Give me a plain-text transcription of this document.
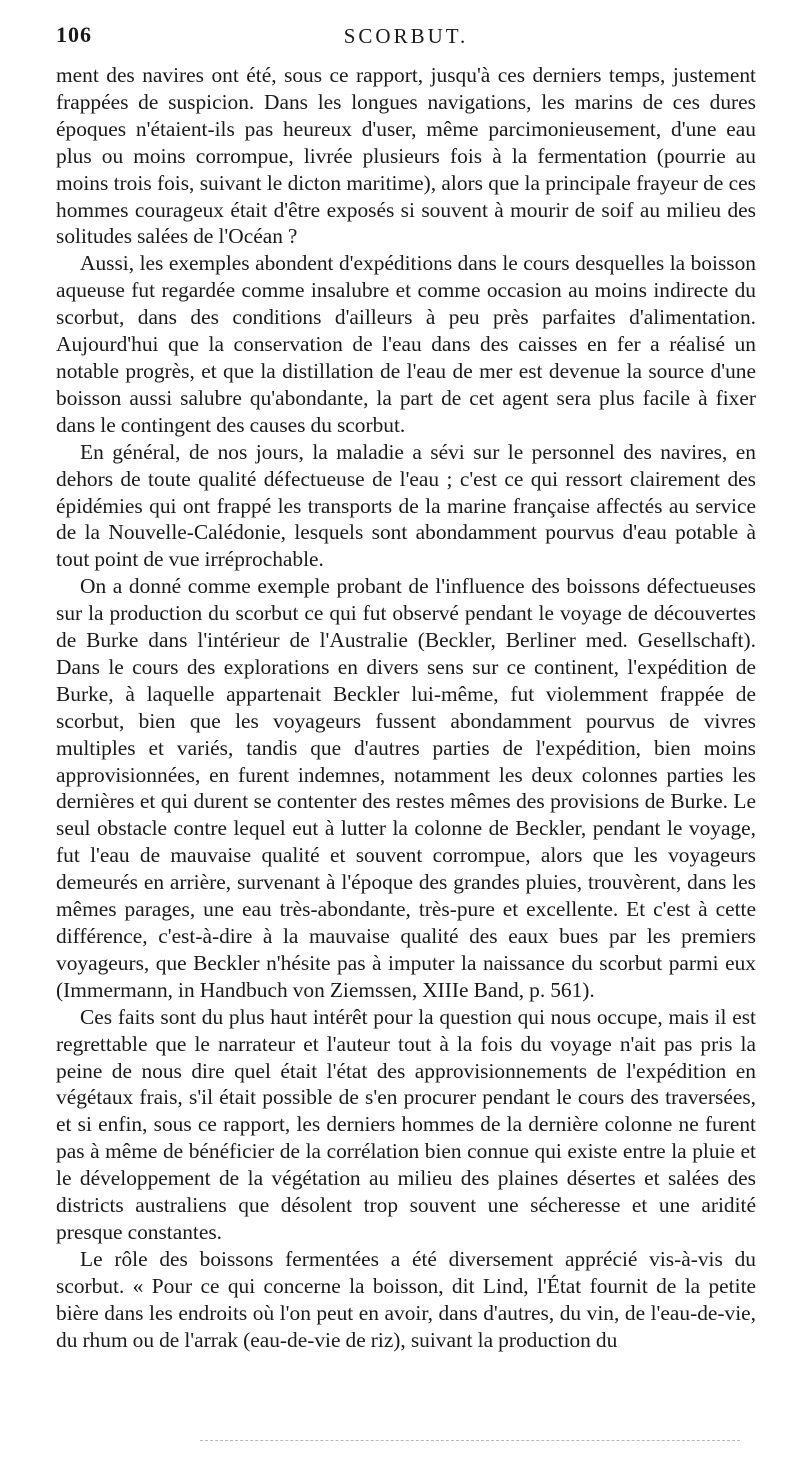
106	SCORBUT.

ment des navires ont été, sous ce rapport, jusqu'à ces derniers temps, justement frappées de suspicion. Dans les longues navigations, les marins de ces dures époques n'étaient-ils pas heureux d'user, même parcimonieusement, d'une eau plus ou moins corrompue, livrée plusieurs fois à la fermentation (pourrie au moins trois fois, suivant le dicton maritime), alors que la principale frayeur de ces hommes courageux était d'être exposés si souvent à mourir de soif au milieu des solitudes salées de l'Océan ?

Aussi, les exemples abondent d'expéditions dans le cours desquelles la boisson aqueuse fut regardée comme insalubre et comme occasion au moins indirecte du scorbut, dans des conditions d'ailleurs à peu près parfaites d'alimentation. Aujourd'hui que la conservation de l'eau dans des caisses en fer a réalisé un notable progrès, et que la distillation de l'eau de mer est devenue la source d'une boisson aussi salubre qu'abondante, la part de cet agent sera plus facile à fixer dans le contingent des causes du scorbut.

En général, de nos jours, la maladie a sévi sur le personnel des navires, en dehors de toute qualité défectueuse de l'eau ; c'est ce qui ressort clairement des épidémies qui ont frappé les transports de la marine française affectés au service de la Nouvelle-Calédonie, lesquels sont abondamment pourvus d'eau potable à tout point de vue irréprochable.

On a donné comme exemple probant de l'influence des boissons défectueuses sur la production du scorbut ce qui fut observé pendant le voyage de découvertes de Burke dans l'intérieur de l'Australie (Beckler, Berliner med. Gesellschaft). Dans le cours des explorations en divers sens sur ce continent, l'expédition de Burke, à laquelle appartenait Beckler lui-même, fut violemment frappée de scorbut, bien que les voyageurs fussent abondamment pourvus de vivres multiples et variés, tandis que d'autres parties de l'expédition, bien moins approvisionnées, en furent indemnes, notamment les deux colonnes parties les dernières et qui durent se contenter des restes mêmes des provisions de Burke. Le seul obstacle contre lequel eut à lutter la colonne de Beckler, pendant le voyage, fut l'eau de mauvaise qualité et souvent corrompue, alors que les voyageurs demeurés en arrière, survenant à l'époque des grandes pluies, trouvèrent, dans les mêmes parages, une eau très-abondante, très-pure et excellente. Et c'est à cette différence, c'est-à-dire à la mauvaise qualité des eaux bues par les premiers voyageurs, que Beckler n'hésite pas à imputer la naissance du scorbut parmi eux (Immermann, in Handbuch von Ziemssen, XIIIe Band, p. 561).

Ces faits sont du plus haut intérêt pour la question qui nous occupe, mais il est regrettable que le narrateur et l'auteur tout à la fois du voyage n'ait pas pris la peine de nous dire quel était l'état des approvisionnements de l'expédition en végétaux frais, s'il était possible de s'en procurer pendant le cours des traversées, et si enfin, sous ce rapport, les derniers hommes de la dernière colonne ne furent pas à même de bénéficier de la corrélation bien connue qui existe entre la pluie et le développement de la végétation au milieu des plaines désertes et salées des districts australiens que désolent trop souvent une sécheresse et une aridité presque constantes.

Le rôle des boissons fermentées a été diversement apprécié vis-à-vis du scorbut. « Pour ce qui concerne la boisson, dit Lind, l'État fournit de la petite bière dans les endroits où l'on peut en avoir, dans d'autres, du vin, de l'eau-de-vie, du rhum ou de l'arrak (eau-de-vie de riz), suivant la production du
